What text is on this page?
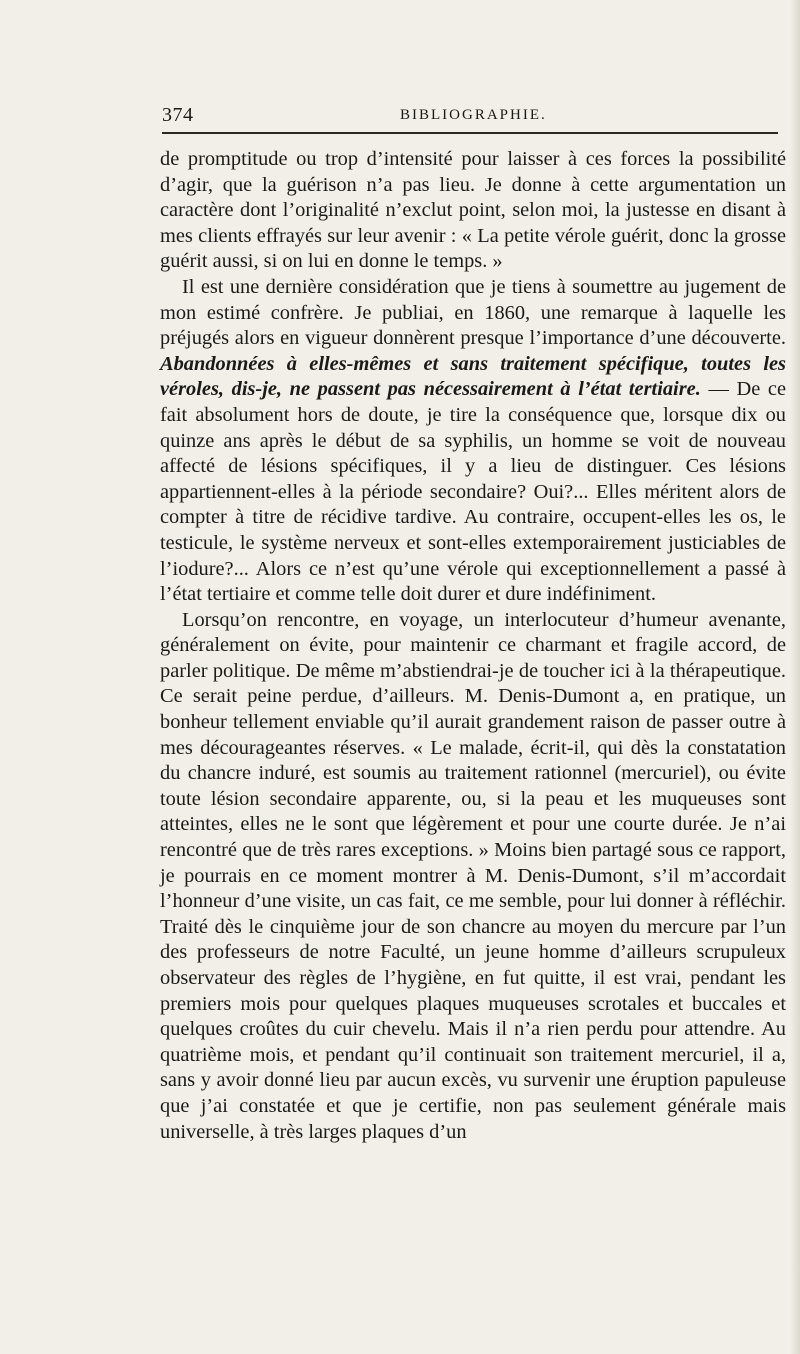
374	BIBLIOGRAPHIE.

de promptitude ou trop d’intensité pour laisser à ces forces la possibilité d’agir, que la guérison n’a pas lieu. Je donne à cette argumentation un caractère dont l’originalité n’exclut point, selon moi, la justesse en disant à mes clients effrayés sur leur avenir : « La petite vérole guérit, donc la grosse guérit aussi, si on lui en donne le temps. »

Il est une dernière considération que je tiens à soumettre au jugement de mon estimé confrère. Je publiai, en 1860, une remarque à laquelle les préjugés alors en vigueur donnèrent presque l’importance d’une découverte. Abandonnées à elles-mêmes et sans traitement spécifique, toutes les véroles, dis-je, ne passent pas nécessairement à l’état tertiaire. — De ce fait absolument hors de doute, je tire la conséquence que, lorsque dix ou quinze ans après le début de sa syphilis, un homme se voit de nouveau affecté de lésions spécifiques, il y a lieu de distinguer. Ces lésions appartiennent-elles à la période secondaire? Oui?... Elles méritent alors de compter à titre de récidive tardive. Au contraire, occupent-elles les os, le testicule, le système nerveux et sont-elles extemporairement justiciables de l’iodure?... Alors ce n’est qu’une vérole qui exceptionnellement a passé à l’état tertiaire et comme telle doit durer et dure indéfiniment.

Lorsqu’on rencontre, en voyage, un interlocuteur d’humeur avenante, généralement on évite, pour maintenir ce charmant et fragile accord, de parler politique. De même m’abstiendrai-je de toucher ici à la thérapeutique. Ce serait peine perdue, d’ailleurs. M. Denis-Dumont a, en pratique, un bonheur tellement enviable qu’il aurait grandement raison de passer outre à mes décourageantes réserves. « Le malade, écrit-il, qui dès la constatation du chancre induré, est soumis au traitement rationnel (mercuriel), ou évite toute lésion secondaire apparente, ou, si la peau et les muqueuses sont atteintes, elles ne le sont que légèrement et pour une courte durée. Je n’ai rencontré que de très rares exceptions. » Moins bien partagé sous ce rapport, je pourrais en ce moment montrer à M. Denis-Dumont, s’il m’accordait l’honneur d’une visite, un cas fait, ce me semble, pour lui donner à réfléchir. Traité dès le cinquième jour de son chancre au moyen du mercure par l’un des professeurs de notre Faculté, un jeune homme d’ailleurs scrupuleux observateur des règles de l’hygiène, en fut quitte, il est vrai, pendant les premiers mois pour quelques plaques muqueuses scrotales et buccales et quelques croûtes du cuir chevelu. Mais il n’a rien perdu pour attendre. Au quatrième mois, et pendant qu’il continuait son traitement mercuriel, il a, sans y avoir donné lieu par aucun excès, vu survenir une éruption papuleuse que j’ai constatée et que je certifie, non pas seulement générale mais universelle, à très larges plaques d’un
